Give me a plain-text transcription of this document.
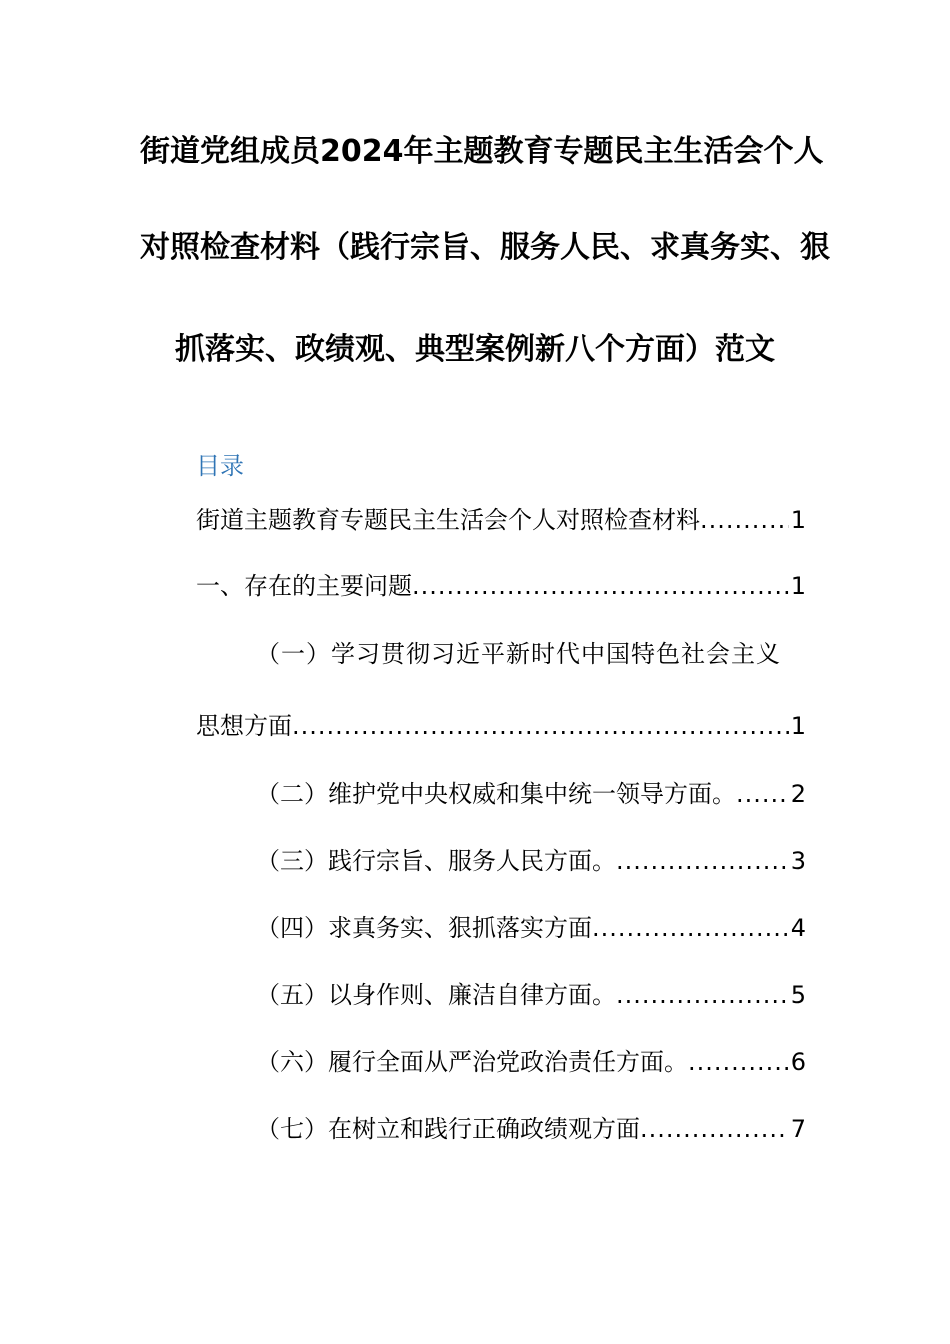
街道党组成员2024年主题教育专题民主生活会个人
对照检查材料（践行宗旨、服务人民、求真务实、狠
抓落实、政绩观、典型案例新八个方面）范文
目录
街道主题教育专题民主生活会个人对照检查材料 .....	1
一、存在的主要问题 .....	1
（一）学习贯彻习近平新时代中国特色社会主义
思想方面 .....	1
（二）维护党中央权威和集中统一领导方面。 ..... 2
（三）践行宗旨、服务人民方面。 .....	3
（四）求真务实、狠抓落实方面 .....	4
（五）以身作则、廉洁自律方面。 .....	5
（六）履行全面从严治党政治责任方面。 .....	6
（七）在树立和践行正确政绩观方面 .....	7
